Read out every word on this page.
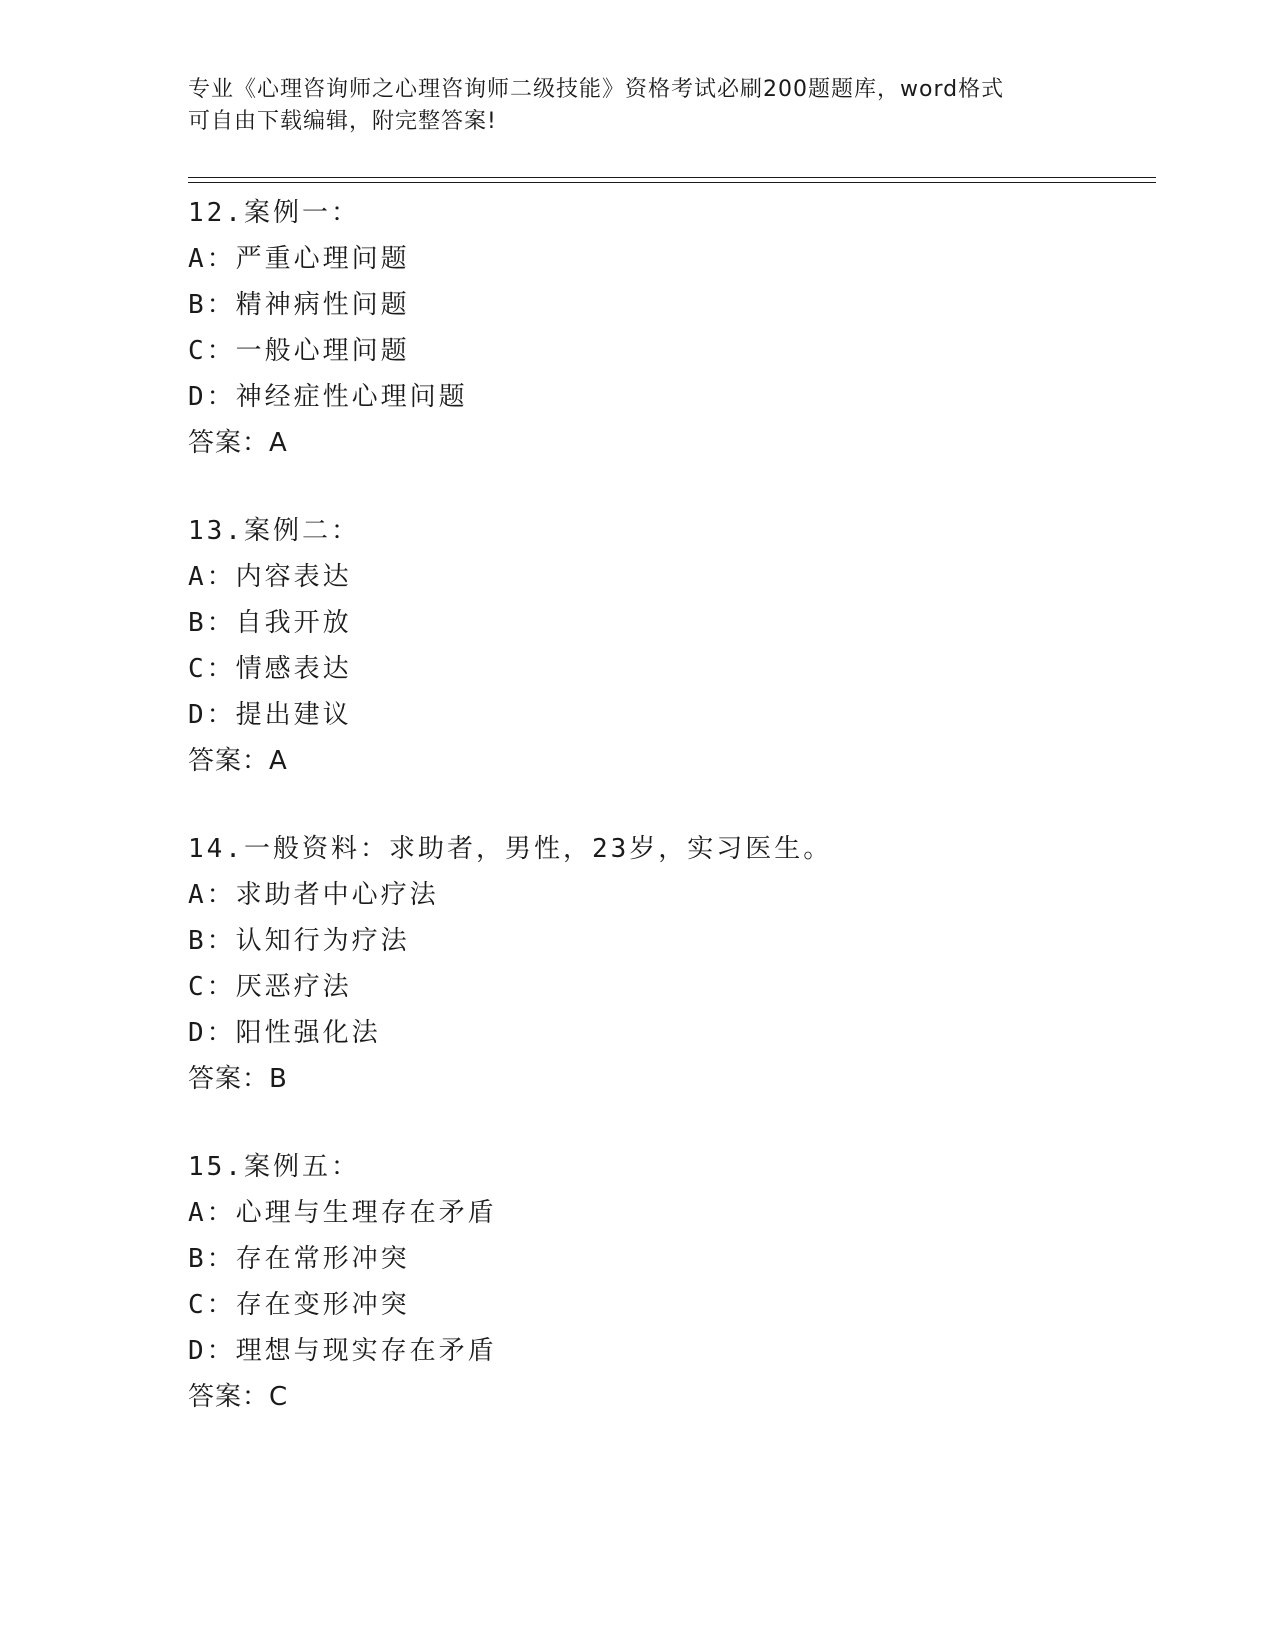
专业《心理咨询师之心理咨询师二级技能》资格考试必刷200题题库，word格式
可自由下载编辑，附完整答案!
12.案例一：
A：严重心理问题
B：精神病性问题
C：一般心理问题
D：神经症性心理问题
答案：A
13.案例二：
A：内容表达
B：自我开放
C：情感表达
D：提出建议
答案：A
14.一般资料：求助者，男性，23岁，实习医生。
A：求助者中心疗法
B：认知行为疗法
C：厌恶疗法
D：阳性强化法
答案：B
15.案例五：
A：心理与生理存在矛盾
B：存在常形冲突
C：存在变形冲突
D：理想与现实存在矛盾
答案：C
